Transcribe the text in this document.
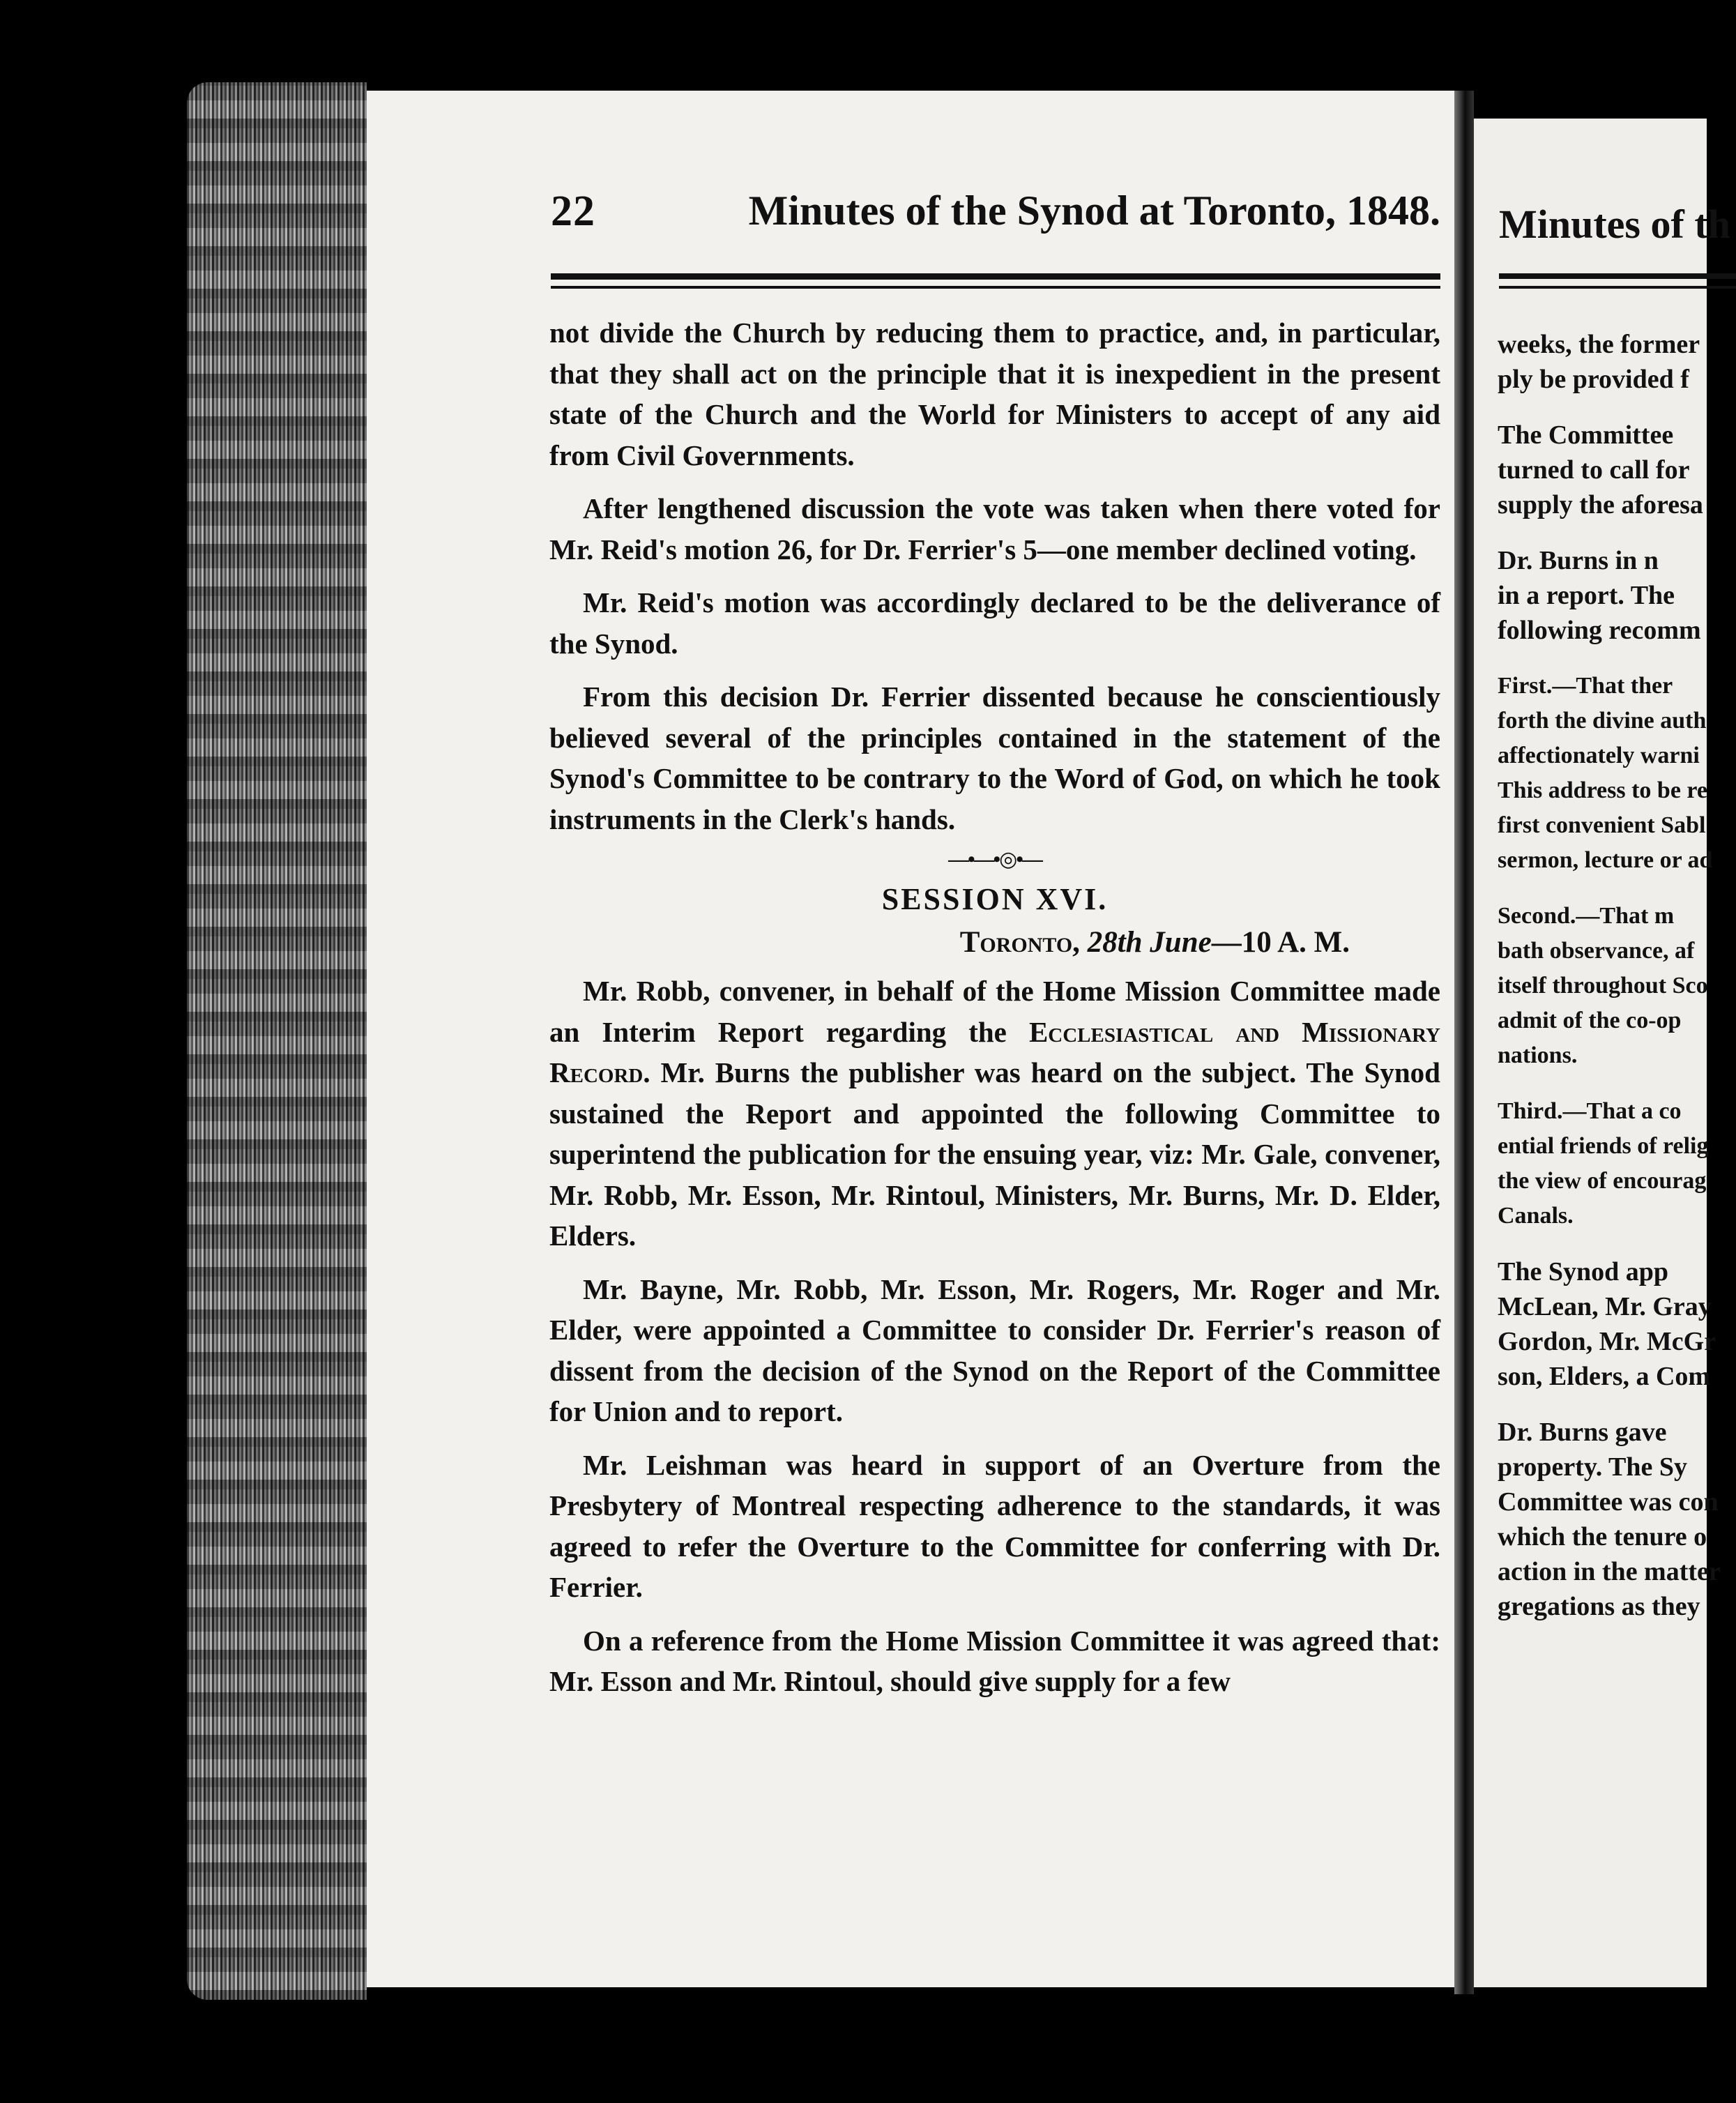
22	Minutes of the Synod at Toronto, 1848.

not divide the Church by reducing them to practice, and, in particular, that they shall act on the principle that it is inexpedient in the present state of the Church and the World for Ministers to accept of any aid from Civil Governments.

After lengthened discussion the vote was taken when there voted for Mr. Reid's motion 26, for Dr. Ferrier's 5—one member declined voting.

Mr. Reid's motion was accordingly declared to be the deliverance of the Synod.

From this decision Dr. Ferrier dissented because he conscientiously believed several of the principles contained in the statement of the Synod's Committee to be contrary to the Word of God, on which he took instruments in the Clerk's hands.

—•—•◎•—

SESSION XVI.

Toronto, 28th June—10 A. M.

Mr. Robb, convener, in behalf of the Home Mission Committee made an Interim Report regarding the Ecclesiastical and Missionary Record. Mr. Burns the publisher was heard on the subject. The Synod sustained the Report and appointed the following Committee to superintend the publication for the ensuing year, viz: Mr. Gale, convener, Mr. Robb, Mr. Esson, Mr. Rintoul, Ministers, Mr. Burns, Mr. D. Elder, Elders.

Mr. Bayne, Mr. Robb, Mr. Esson, Mr. Rogers, Mr. Roger and Mr. Elder, were appointed a Committee to consider Dr. Ferrier's reason of dissent from the decision of the Synod on the Report of the Committee for Union and to report.

Mr. Leishman was heard in support of an Overture from the Presbytery of Montreal respecting adherence to the standards, it was agreed to refer the Overture to the Committee for conferring with Dr. Ferrier.

On a reference from the Home Mission Committee it was agreed that: Mr. Esson and Mr. Rintoul, should give supply for a few

Minutes of th
weeks, the former
ply be provided f
The Committee
turned to call for
supply the aforesa
Dr. Burns in n
in a report. The
following recomm
First.—That ther
forth the divine auth
affectionately warni
This address to be re
first convenient Sabl
sermon, lecture or ad
Second.—That m
bath observance, af
itself throughout Sco
admit of the co-op
nations.
Third.—That a co
ential friends of relig
the view of encourag
Canals.
The Synod app
McLean, Mr. Gray
Gordon, Mr. McGr
son, Elders, a Com
Dr. Burns gave
property. The Sy
Committee was con
which the tenure o
action in the matter
gregations as they
